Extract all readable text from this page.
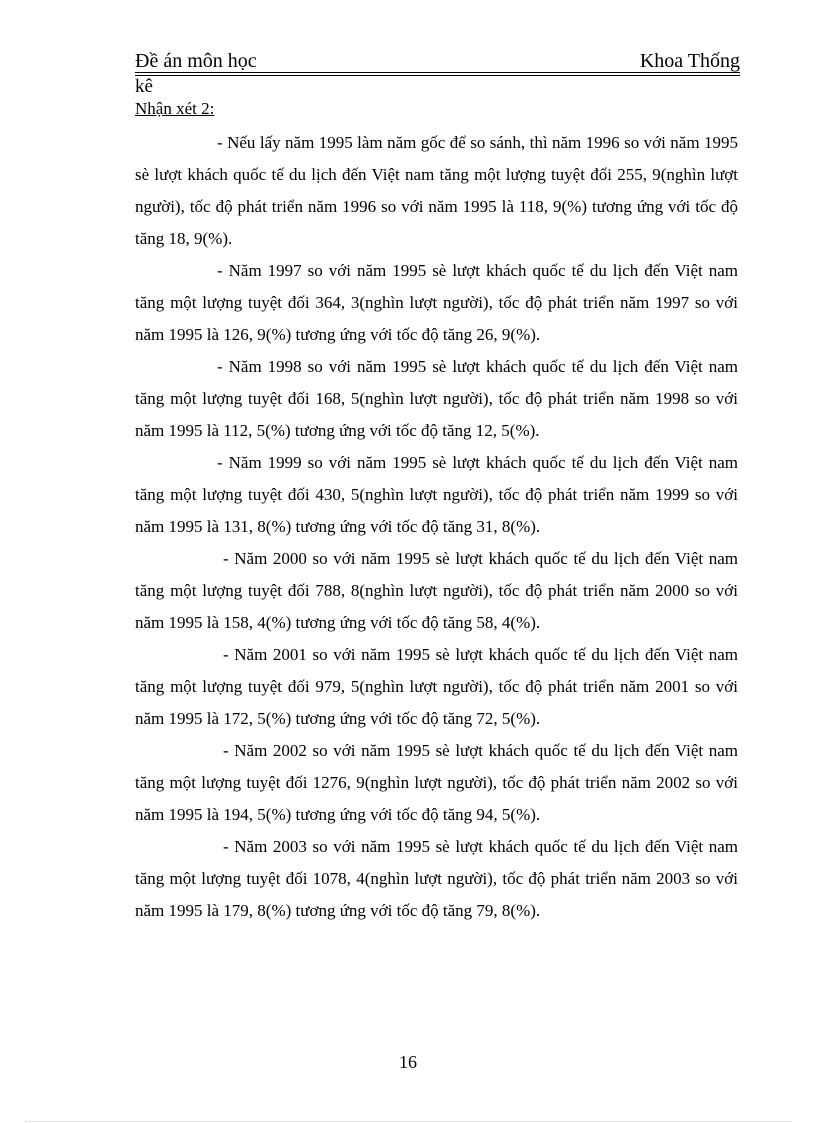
Đề án môn học	Khoa Thống
kê
Nhận xét 2:

- Nếu lấy năm 1995 làm năm gốc để so sánh, thì năm 1996 so với năm 1995 sè lượt khách quốc tế du lịch đến Việt nam tăng một lượng tuyệt đối 255, 9(nghìn lượt người), tốc độ phát triển năm 1996 so với năm 1995 là 118, 9(%) tương ứng với tốc độ tăng 18, 9(%).

- Năm 1997 so với năm 1995 sè lượt khách quốc tế du lịch đến Việt nam tăng một lượng tuyệt đối 364, 3(nghìn lượt người), tốc độ phát triển năm 1997 so với năm 1995 là 126, 9(%) tương ứng với tốc độ tăng 26, 9(%).

- Năm 1998 so với năm 1995 sè lượt khách quốc tế du lịch đến Việt nam tăng một lượng tuyệt đối 168, 5(nghìn lượt người), tốc độ phát triển năm 1998 so với năm 1995 là 112, 5(%) tương ứng với tốc độ tăng 12, 5(%).

- Năm 1999 so với năm 1995 sè lượt khách quốc tế du lịch đến Việt nam tăng một lượng tuyệt đối 430, 5(nghìn lượt người), tốc độ phát triển năm 1999 so với năm 1995 là 131, 8(%) tương ứng với tốc độ tăng 31, 8(%).

- Năm 2000 so với năm 1995 sè lượt khách quốc tế du lịch đến Việt nam tăng một lượng tuyệt đối 788, 8(nghìn lượt người), tốc độ phát triển năm 2000 so với năm 1995 là 158, 4(%) tương ứng với tốc độ tăng 58, 4(%).

- Năm 2001 so với năm 1995 sè lượt khách quốc tế du lịch đến Việt nam tăng một lượng tuyệt đối 979, 5(nghìn lượt người), tốc độ phát triển năm 2001 so với năm 1995 là 172, 5(%) tương ứng với tốc độ tăng 72, 5(%).

- Năm 2002 so với năm 1995 sè lượt khách quốc tế du lịch đến Việt nam tăng một lượng tuyệt đối 1276, 9(nghìn lượt người), tốc độ phát triển năm 2002 so với năm 1995 là 194, 5(%) tương ứng với tốc độ tăng 94, 5(%).

- Năm 2003 so với năm 1995 sè lượt khách quốc tế du lịch đến Việt nam tăng một lượng tuyệt đối 1078, 4(nghìn lượt người), tốc độ phát triển năm 2003 so với năm 1995 là 179, 8(%) tương ứng với tốc độ tăng 79, 8(%).

16
